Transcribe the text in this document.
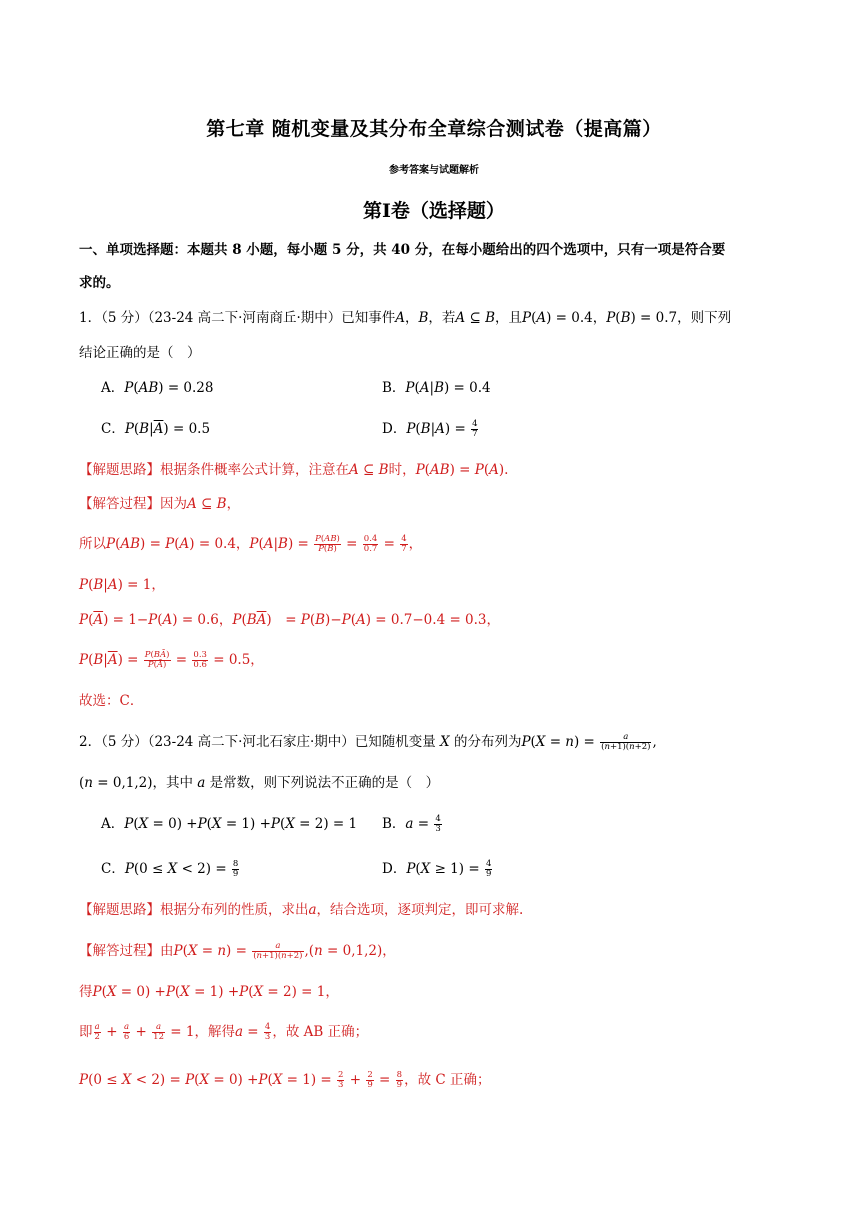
第七章 随机变量及其分布全章综合测试卷（提高篇）
参考答案与试题解析
第Ⅰ卷（选择题）
一、单项选择题：本题共 8 小题，每小题 5 分，共 40 分，在每小题给出的四个选项中，只有一项是符合要
求的。
1．（5 分）（23-24 高二下·河南商丘·期中）已知事件𝐴，𝐵，若𝐴 ⊆ 𝐵，且𝑃(𝐴) = 0.4，𝑃(𝐵) = 0.7，则下列
结论正确的是（　）
A．𝑃(𝐴𝐵) = 0.28	B．𝑃(𝐴|𝐵) = 0.4
C．𝑃(𝐵|𝐴) = 0.5	D．𝑃(𝐵|𝐴) = $\frac{4}{7}$
【解题思路】根据条件概率公式计算，注意在𝐴 ⊆ 𝐵时，𝑃(𝐴𝐵) = 𝑃(𝐴).
【解答过程】因为𝐴 ⊆ 𝐵，
所以𝑃(𝐴𝐵) = 𝑃(𝐴) = 0.4，𝑃(𝐴|𝐵) = $\frac{\text{𝑃(𝐴𝐵)}}{\text{𝑃(𝐵)}} = \frac{0.4}{0.7} = \frac{4}{7}$ ，
𝑃(𝐵|𝐴) = 1，
𝑃(𝐴) = 1−𝑃(𝐴) = 0.6，𝑃(𝐵𝐴)　= 𝑃(𝐵)−𝑃(𝐴) = 0.7−0.4 = 0.3，
𝑃(𝐵|𝐴) = $\frac{\text{𝑃(𝐵𝐴̄)}}{\text{𝑃(𝐴̄)}} = \frac{0.3}{0.6} = 0.5$，
故选：C．
2．（5 分）（23-24 高二下·河北石家庄·期中）已知随机变量 𝑋 的分布列为𝑃(𝑋 = 𝑛) = $\frac{\text{𝑎}}{\text{(𝑛+1)(𝑛+2)}}$ ,
(𝑛 = 0,1,2)，其中 𝑎 是常数，则下列说法不正确的是（　）
A．𝑃(𝑋 = 0) +𝑃(𝑋 = 1) +𝑃(𝑋 = 2) = 1 B．𝑎 = $\frac{4}{3}$
C．𝑃(0 ≤ 𝑋 < $2) = \frac{8}{9}$	D．𝑃(𝑋 ≥ $1) = \frac{4}{9}$
【解题思路】根据分布列的性质，求出𝑎，结合选项，逐项判定，即可求解.
【解答过程】由𝑃(𝑋 = 𝑛) = $\frac{\text{𝑎}}{\text{(𝑛+1)(𝑛+2)}}$ ,(𝑛 = 0,1,2)，
得𝑃(𝑋 = 0) +𝑃(𝑋 = 1) +𝑃(𝑋 = 2) = 1，
即 $\frac{\text{𝑎}}{2} + \frac{\text{𝑎}}{6} + \frac{\text{𝑎}}{12} = 1$，解得𝑎 = $\frac{4}{3}$ ，故 AB 正确；
𝑃(0 ≤ 𝑋 < 2) = 𝑃(𝑋 = 0) +𝑃(𝑋 = $1) = \frac{2}{3} + \frac{2}{9} = \frac{8}{9}$ ，故 C 正确；
